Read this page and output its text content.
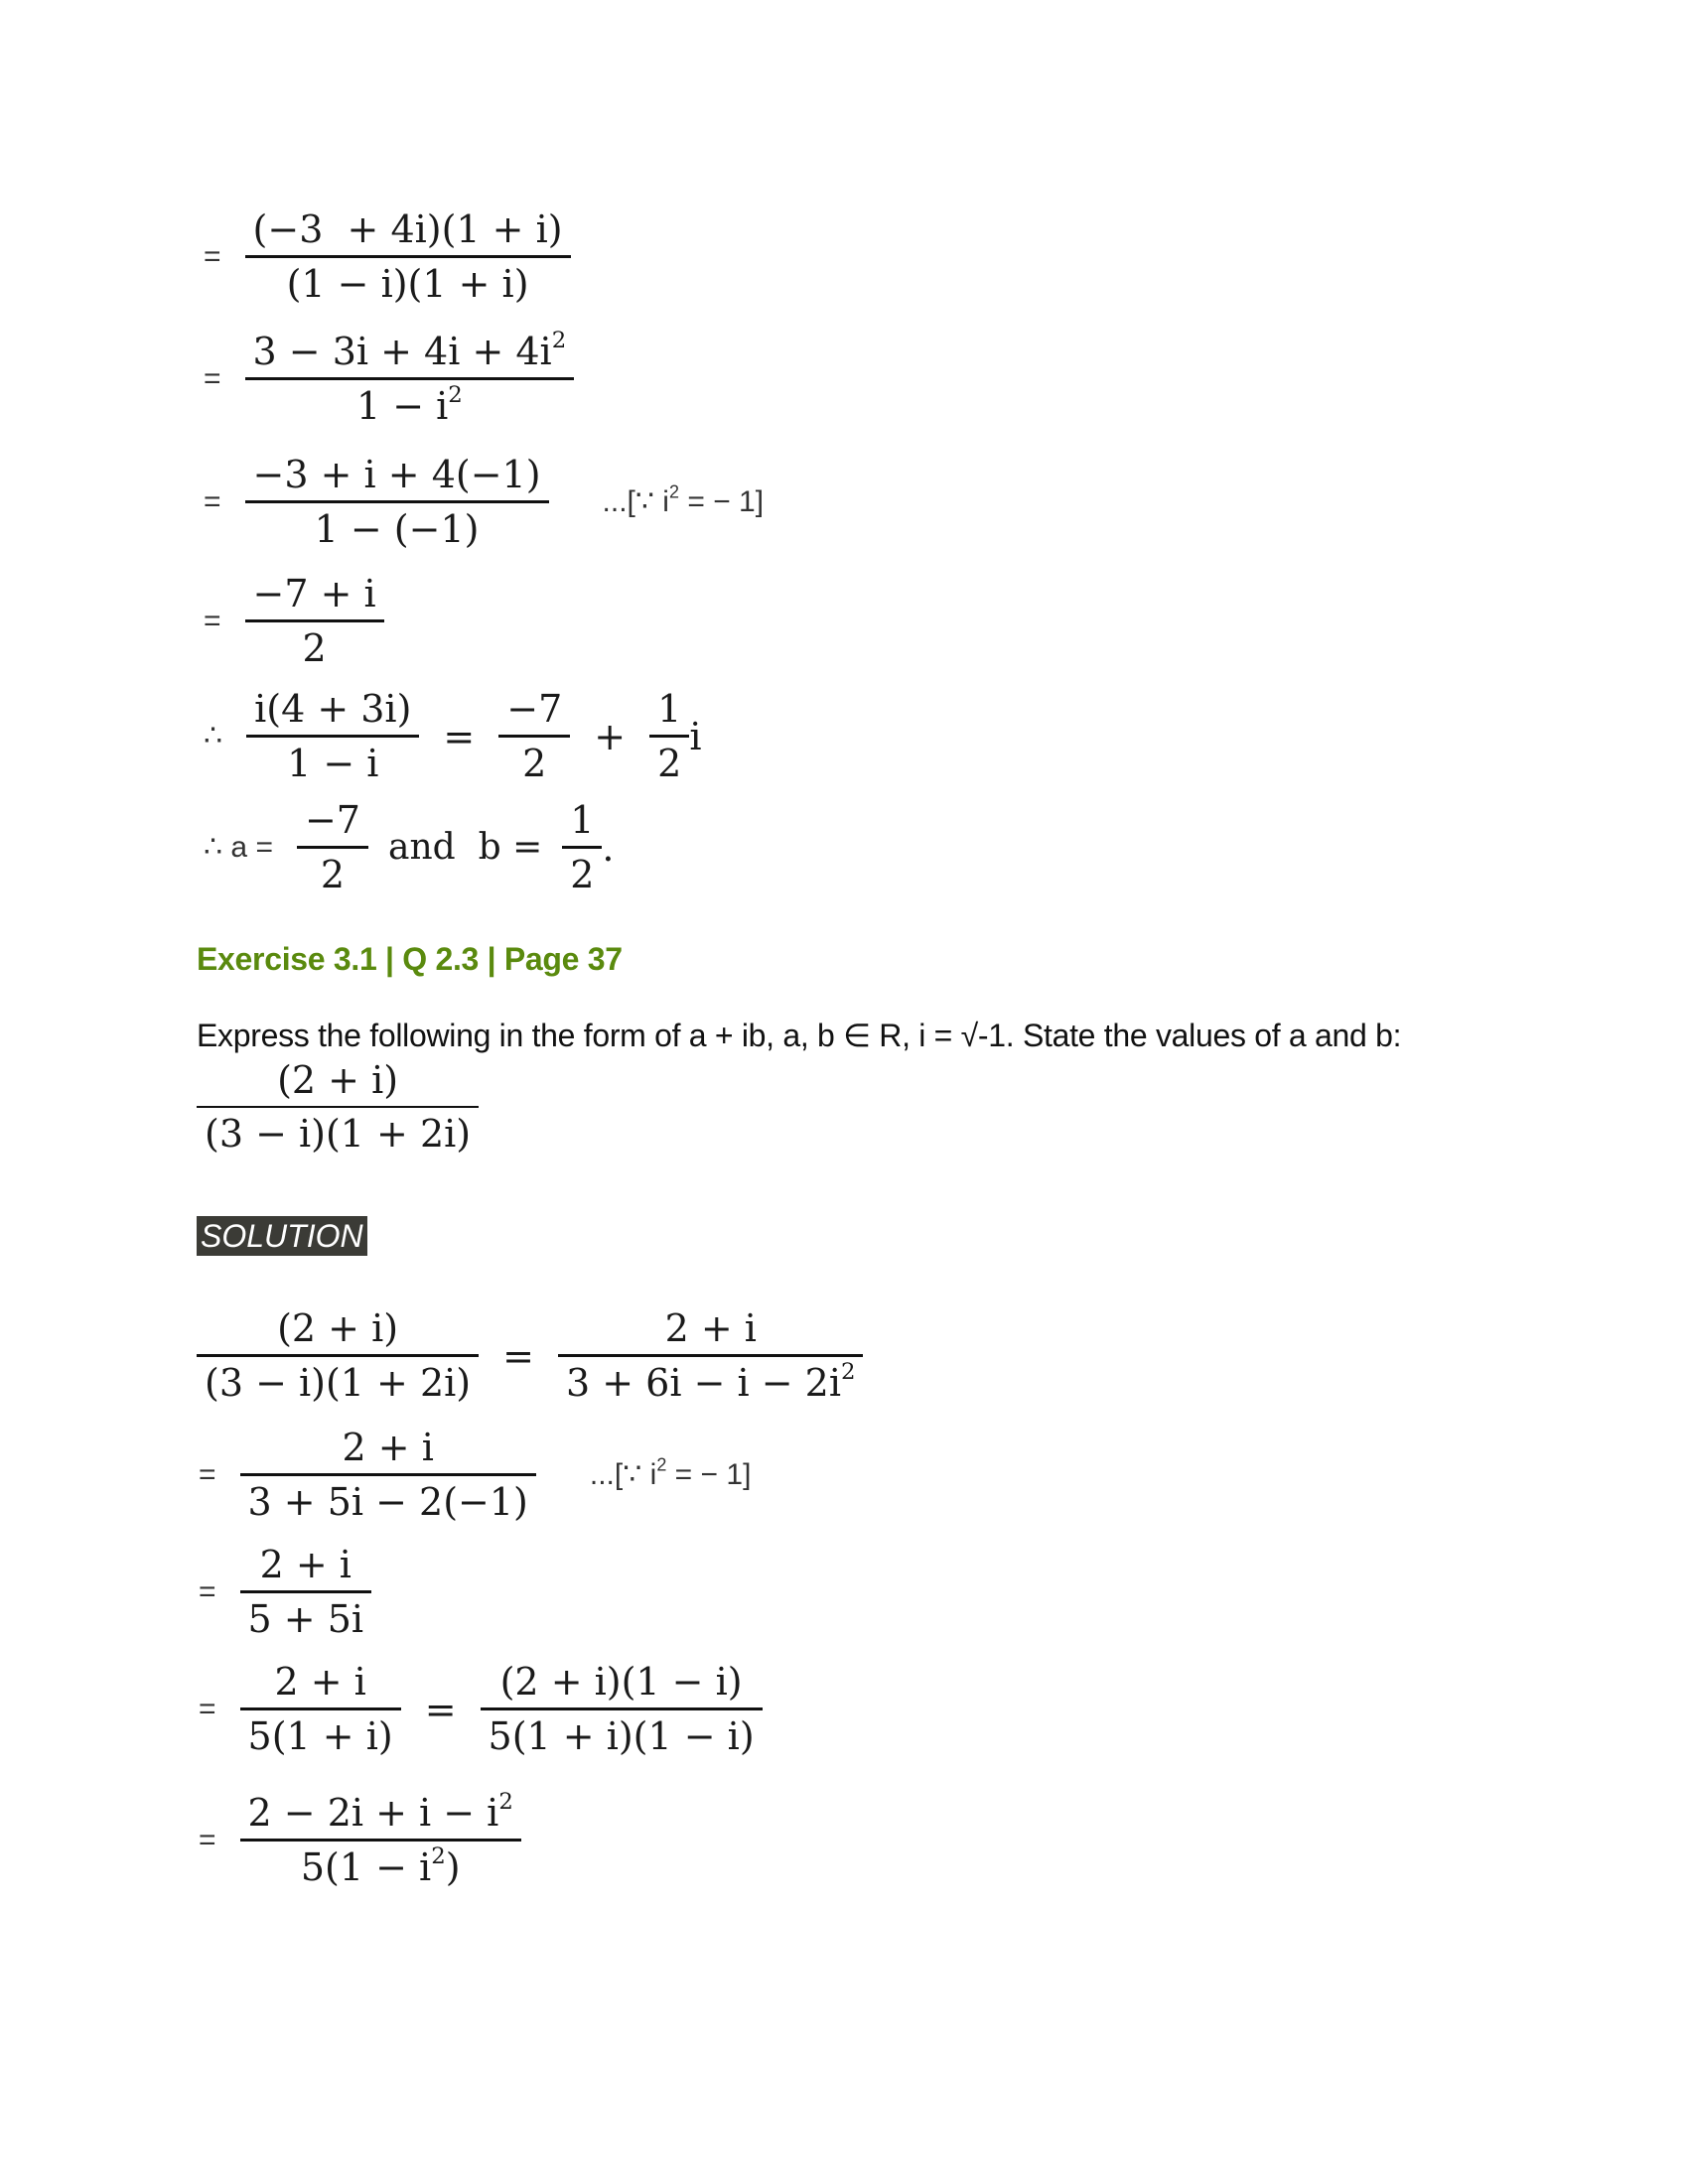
= $\frac{(-3 + 4i)(1 + i)}{(1 - i)(1 + i)}$
= $\frac{3 - 3i + 4i + 4i^2}{1 - i^2}$
= $\frac{-3 + i + 4(-1)}{1 - (-1)}$ ...[∵ $i^2$ = − 1]
= $\frac{-7 + i}{2}$
∴ $\frac{i(4 + 3i)}{1 - i} = \frac{-7}{2} + \frac{1}{2}$ i
∴ $a = \frac{-7}{2}$ and  $b = \frac{1}{2}$ .
Exercise 3.1 | Q 2.3 | Page 37
Express the following in the form of a + ib, a, b ∈ R, i = √-1. State the values of a and b:
$\frac{(2 + i)}{(3 - i)(1 + 2i)}$
SOLUTION
$\frac{(2 + i)}{(3 - i)(1 + 2i)} = \frac{2 + i}{3 + 6i - i - 2i^2}$
= $\frac{2 + i}{3 + 5i - 2(-1)}$ ...[∵ $i^2$ = − 1]
= $\frac{2 + i}{5 + 5i}$
= $\frac{2 + i}{5(1 + i)} = \frac{(2 + i)(1 - i)}{5(1 + i)(1 - i)}$
= $\frac{2 - 2i + i - i^2}{5(1 - i^2)}$
